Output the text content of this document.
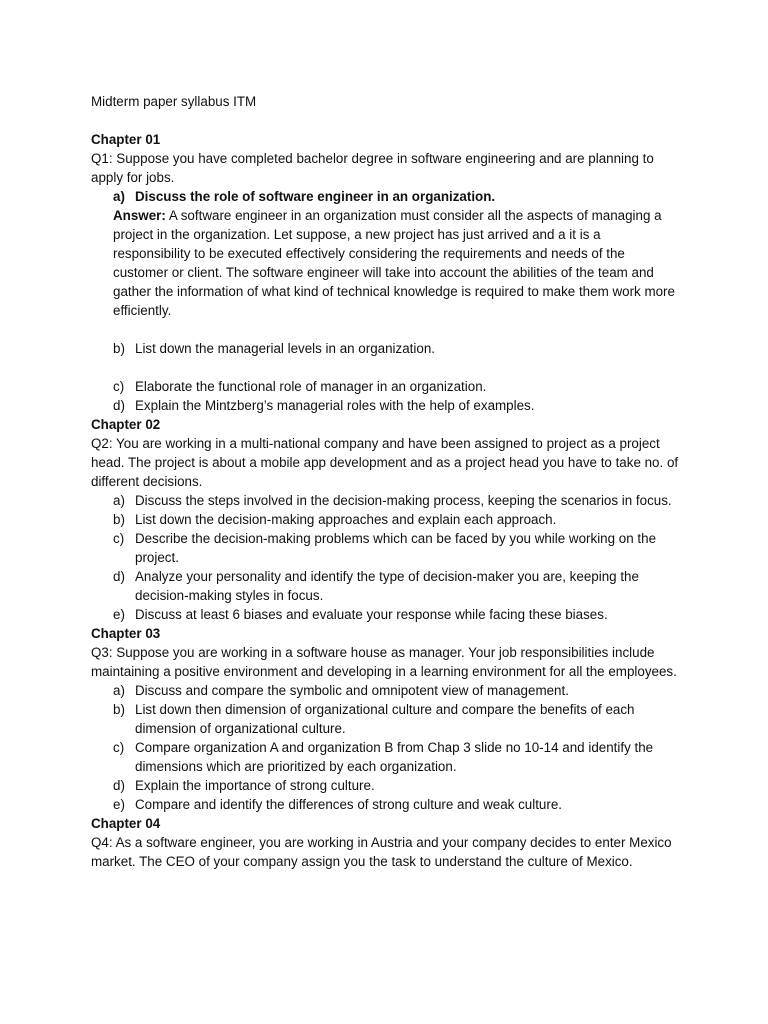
Midterm paper syllabus ITM
Chapter 01
Q1: Suppose you have completed bachelor degree in software engineering and are planning to apply for jobs.
a) Discuss the role of software engineer in an organization.
Answer: A software engineer in an organization must consider all the aspects of managing a project in the organization. Let suppose, a new project has just arrived and a it is a responsibility to be executed effectively considering the requirements and needs of the customer or client. The software engineer will take into account the abilities of the team and gather the information of what kind of technical knowledge is required to make them work more efficiently.
b) List down the managerial levels in an organization.
c) Elaborate the functional role of manager in an organization.
d) Explain the Mintzberg’s managerial roles with the help of examples.
Chapter 02
Q2: You are working in a multi-national company and have been assigned to project as a project head. The project is about a mobile app development and as a project head you have to take no. of different decisions.
a) Discuss the steps involved in the decision-making process, keeping the scenarios in focus.
b) List down the decision-making approaches and explain each approach.
c) Describe the decision-making problems which can be faced by you while working on the project.
d) Analyze your personality and identify the type of decision-maker you are, keeping the decision-making styles in focus.
e) Discuss at least 6 biases and evaluate your response while facing these biases.
Chapter 03
Q3: Suppose you are working in a software house as manager. Your job responsibilities include maintaining a positive environment and developing in a learning environment for all the employees.
a) Discuss and compare the symbolic and omnipotent view of management.
b) List down then dimension of organizational culture and compare the benefits of each dimension of organizational culture.
c) Compare organization A and organization B from Chap 3 slide no 10-14 and identify the dimensions which are prioritized by each organization.
d) Explain the importance of strong culture.
e) Compare and identify the differences of strong culture and weak culture.
Chapter 04
Q4: As a software engineer, you are working in Austria and your company decides to enter Mexico market. The CEO of your company assign you the task to understand the culture of Mexico.
